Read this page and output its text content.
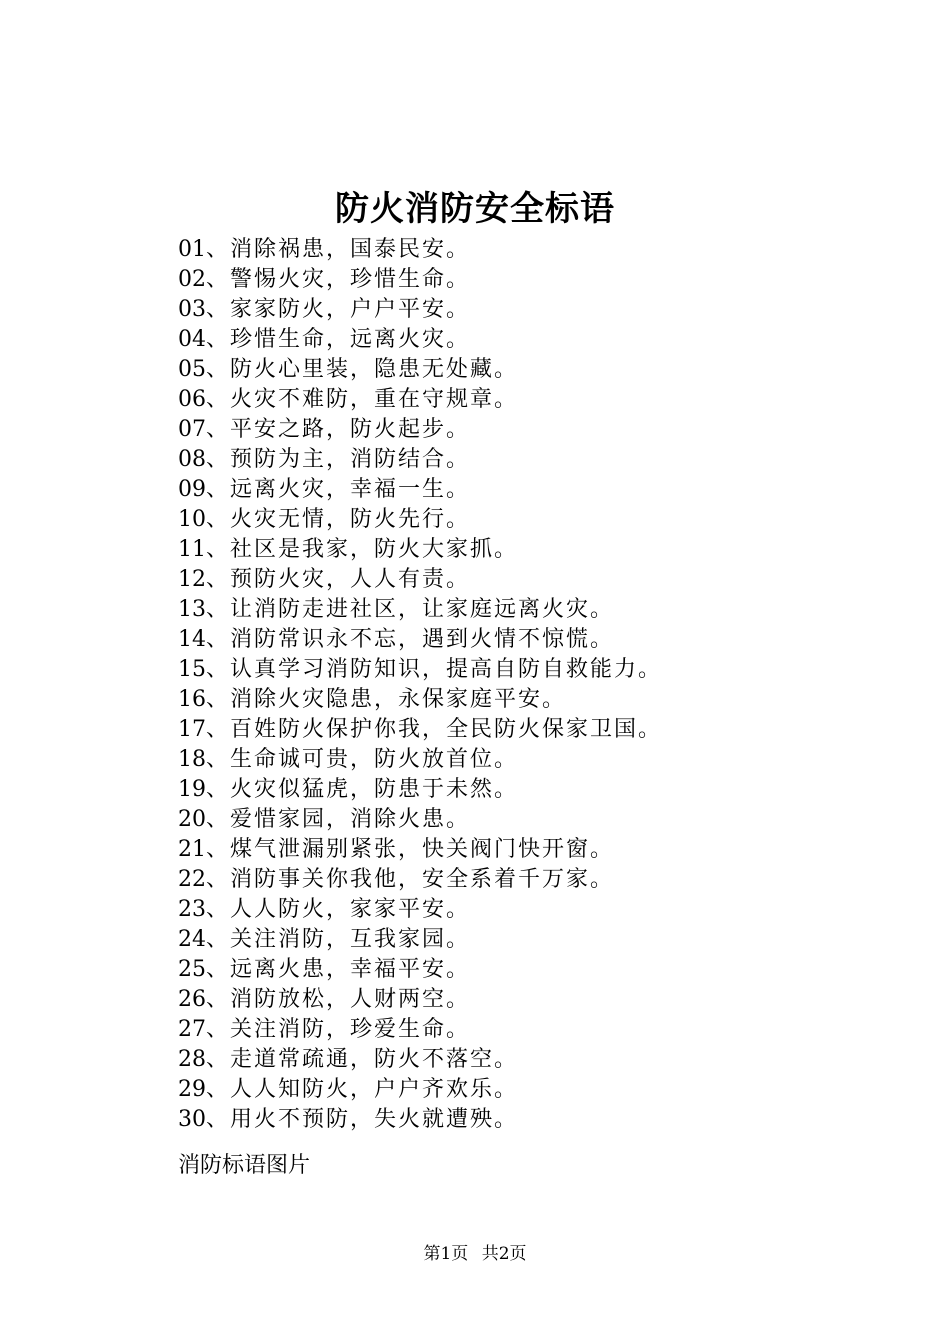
防火消防安全标语
01、消除祸患，国泰民安。
02、警惕火灾，珍惜生命。
03、家家防火，户户平安。
04、珍惜生命，远离火灾。
05、防火心里装，隐患无处藏。
06、火灾不难防，重在守规章。
07、平安之路，防火起步。
08、预防为主，消防结合。
09、远离火灾，幸福一生。
10、火灾无情，防火先行。
11、社区是我家，防火大家抓。
12、预防火灾，人人有责。
13、让消防走进社区，让家庭远离火灾。
14、消防常识永不忘，遇到火情不惊慌。
15、认真学习消防知识，提高自防自救能力。
16、消除火灾隐患，永保家庭平安。
17、百姓防火保护你我，全民防火保家卫国。
18、生命诚可贵，防火放首位。
19、火灾似猛虎，防患于未然。
20、爱惜家园，消除火患。
21、煤气泄漏别紧张，快关阀门快开窗。
22、消防事关你我他，安全系着千万家。
23、人人防火，家家平安。
24、关注消防，互我家园。
25、远离火患，幸福平安。
26、消防放松，人财两空。
27、关注消防，珍爱生命。
28、走道常疏通，防火不落空。
29、人人知防火，户户齐欢乐。
30、用火不预防，失火就遭殃。
消防标语图片
第1页 共2页
